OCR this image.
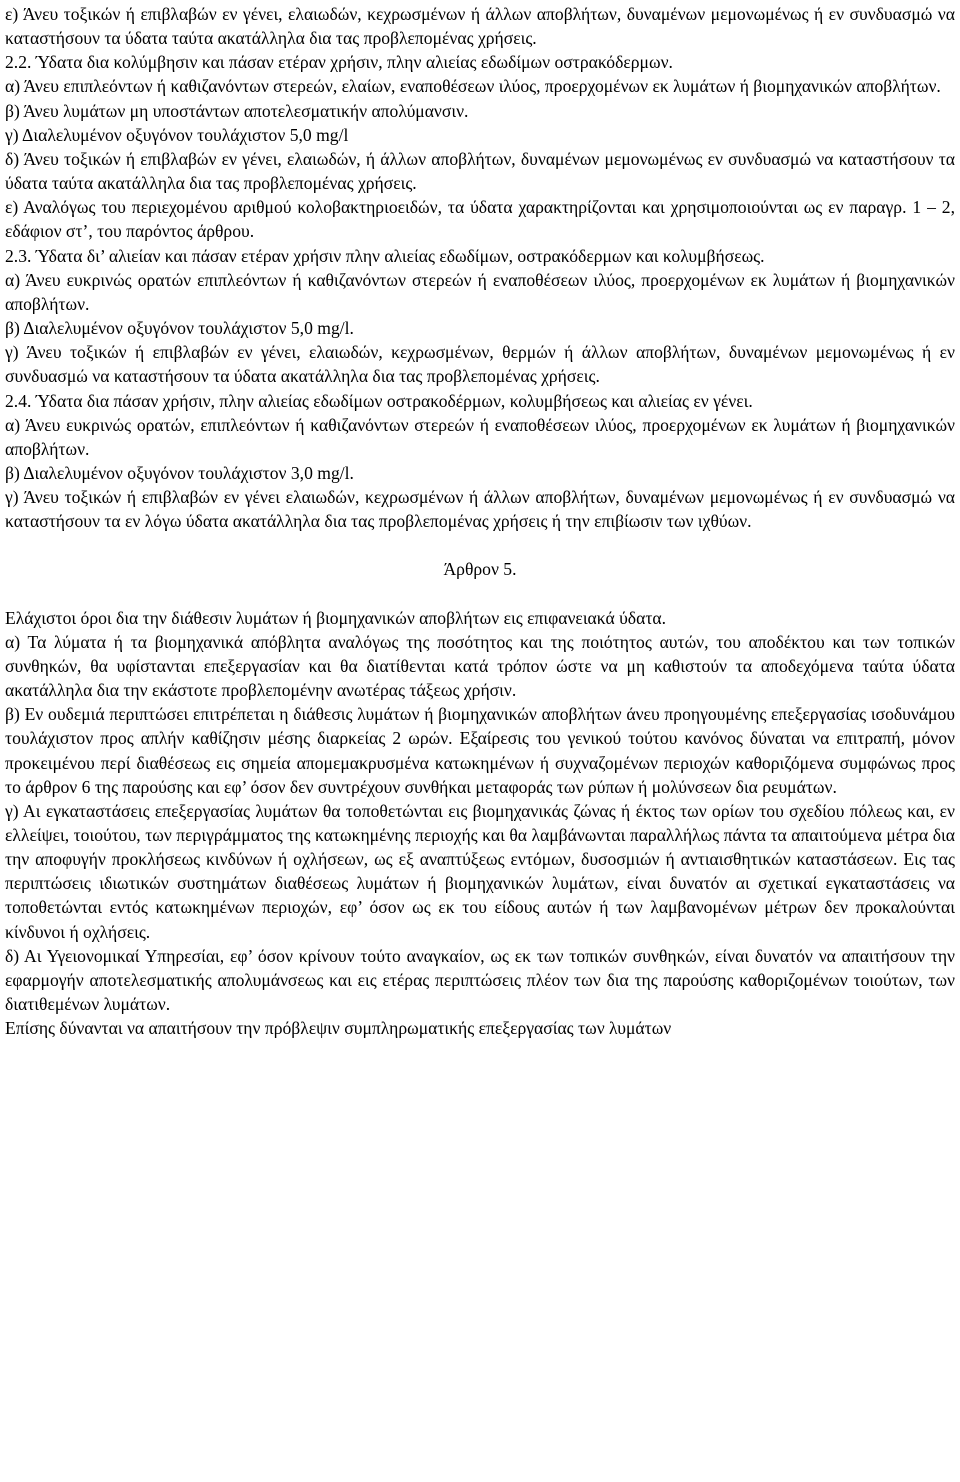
ε) Άνευ τοξικών ή επιβλαβών εν γένει, ελαιωδών, κεχρωσμένων ή άλλων αποβλήτων, δυναμένων μεμονωμένως ή εν συνδυασμώ να καταστήσουν τα ύδατα ταύτα ακατάλληλα δια τας προβλεπομένας χρήσεις.

2.2. Ύδατα δια κολύμβησιν και πάσαν ετέραν χρήσιν, πλην αλιείας εδωδίμων οστρακόδερμων.

α) Άνευ επιπλεόντων ή καθιζανόντων στερεών, ελαίων, εναποθέσεων ιλύος, προερχομένων εκ λυμάτων ή βιομηχανικών αποβλήτων.

β) Άνευ λυμάτων μη υποστάντων αποτελεσματικήν απολύμανσιν.

γ) Διαλελυμένον οξυγόνον τουλάχιστον 5,0 mg/l

δ) Άνευ τοξικών ή επιβλαβών εν γένει, ελαιωδών, ή άλλων αποβλήτων, δυναμένων μεμονωμένως εν συνδυασμώ να καταστήσουν τα ύδατα ταύτα ακατάλληλα δια τας προβλεπομένας χρήσεις.

ε) Αναλόγως του περιεχομένου αριθμού κολοβακτηριοειδών, τα ύδατα χαρακτηρίζονται και χρησιμοποιούνται ως εν παραγρ. 1 – 2, εδάφιον στ’, του παρόντος άρθρου.

2.3. Ύδατα δι’ αλιείαν και πάσαν ετέραν χρήσιν πλην αλιείας εδωδίμων, οστρακόδερμων και κολυμβήσεως.

α) Άνευ ευκρινώς ορατών επιπλεόντων ή καθιζανόντων στερεών ή εναποθέσεων ιλύος, προερχομένων εκ λυμάτων ή βιομηχανικών αποβλήτων.

β) Διαλελυμένον οξυγόνον τουλάχιστον 5,0 mg/l.

γ) Άνευ τοξικών ή επιβλαβών εν γένει, ελαιωδών, κεχρωσμένων, θερμών ή άλλων αποβλήτων, δυναμένων μεμονωμένως ή εν συνδυασμώ να καταστήσουν τα ύδατα ακατάλληλα δια τας προβλεπομένας χρήσεις.

2.4. Ύδατα δια πάσαν χρήσιν, πλην αλιείας εδωδίμων οστρακοδέρμων, κολυμβήσεως και αλιείας εν γένει.

α) Άνευ ευκρινώς ορατών, επιπλεόντων ή καθιζανόντων στερεών ή εναποθέσεων ιλύος, προερχομένων εκ λυμάτων ή βιομηχανικών αποβλήτων.

β) Διαλελυμένον οξυγόνον τουλάχιστον 3,0 mg/l.

γ) Άνευ τοξικών ή επιβλαβών εν γένει ελαιωδών, κεχρωσμένων ή άλλων αποβλήτων, δυναμένων μεμονωμένως ή εν συνδυασμώ να καταστήσουν τα εν λόγω ύδατα ακατάλληλα δια τας προβλεπομένας χρήσεις ή την επιβίωσιν των ιχθύων.

Άρθρον 5.

Ελάχιστοι όροι δια την διάθεσιν λυμάτων ή βιομηχανικών αποβλήτων εις επιφανειακά ύδατα.

α) Τα λύματα ή τα βιομηχανικά απόβλητα αναλόγως της ποσότητος και της ποιότητος αυτών, του αποδέκτου και των τοπικών συνθηκών, θα υφίστανται επεξεργασίαν και θα διατίθενται κατά τρόπον ώστε να μη καθιστούν τα αποδεχόμενα ταύτα ύδατα ακατάλληλα δια την εκάστοτε προβλεπομένην ανωτέρας τάξεως χρήσιν.

β) Εν ουδεμιά περιπτώσει επιτρέπεται η διάθεσις λυμάτων ή βιομηχανικών αποβλήτων άνευ προηγουμένης επεξεργασίας ισοδυνάμου τουλάχιστον προς απλήν καθίζησιν μέσης διαρκείας 2 ωρών. Εξαίρεσις του γενικού τούτου κανόνος δύναται να επιτραπή, μόνον προκειμένου περί διαθέσεως εις σημεία απομεμακρυσμένα κατωκημένων ή συχναζομένων περιοχών καθοριζόμενα συμφώνως προς το άρθρον 6 της παρούσης και εφ’ όσον δεν συντρέχουν συνθήκαι μεταφοράς των ρύπων ή μολύνσεων δια ρευμάτων.

γ) Αι εγκαταστάσεις επεξεργασίας λυμάτων θα τοποθετώνται εις βιομηχανικάς ζώνας ή έκτος των ορίων του σχεδίου πόλεως και, εν ελλείψει, τοιούτου, των περιγράμματος της κατωκημένης περιοχής και θα λαμβάνωνται παραλλήλως πάντα τα απαιτούμενα μέτρα δια την αποφυγήν προκλήσεως κινδύνων ή οχλήσεων, ως εξ αναπτύξεως εντόμων, δυσοσμιών ή αντιαισθητικών καταστάσεων. Εις τας περιπτώσεις ιδιωτικών συστημάτων διαθέσεως λυμάτων ή βιομηχανικών λυμάτων, είναι δυνατόν αι σχετικαί εγκαταστάσεις να τοποθετώνται εντός κατωκημένων περιοχών, εφ’ όσον ως εκ του είδους αυτών ή των λαμβανομένων μέτρων δεν προκαλούνται κίνδυνοι ή οχλήσεις.

δ) Αι Υγειονομικαί Υπηρεσίαι, εφ’ όσον κρίνουν τούτο αναγκαίον, ως εκ των τοπικών συνθηκών, είναι δυνατόν να απαιτήσουν την εφαρμογήν αποτελεσματικής απολυμάνσεως και εις ετέρας περιπτώσεις πλέον των δια της παρούσης καθοριζομένων τοιούτων, των διατιθεμένων λυμάτων.

Επίσης δύνανται να απαιτήσουν την πρόβλεψιν συμπληρωματικής επεξεργασίας των λυμάτων
